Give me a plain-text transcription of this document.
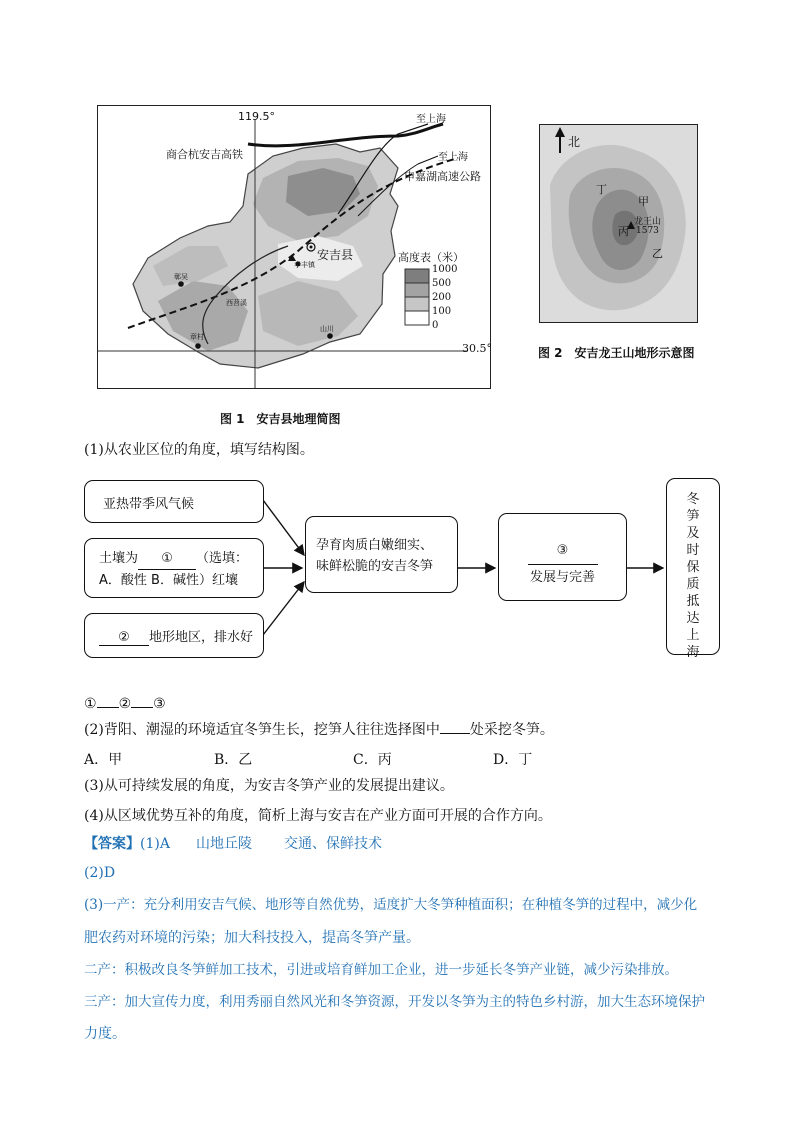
119.5°	至上海
至上海
商合杭安吉高铁
申嘉湖高速公路
安吉县
孝丰镇
鄣吴
章村
山川
西苕溪
高度表（米）
1000
500
200
100
0
30.5°
图 1　安吉县地理简图
北
龙王山
1573
甲
乙
丙
丁
图 2　安吉龙王山地形示意图
(1)从农业区位的角度，填写结构图。
亚热带季风气候
土壤为 ① （选填：
A．酸性 B．碱性）红壤
② 地形地区，排水好
孕育肉质白嫩细实、
味鲜松脆的安吉冬笋
③
发展与完善
冬笋及时保质抵达上海
① ② ③
(2)背阳、潮湿的环境适宜冬笋生长，挖笋人往往选择图中 处采挖冬笋。
A．甲	B．乙	C．丙	D．丁
(3)从可持续发展的角度，为安吉冬笋产业的发展提出建议。
(4)从区域优势互补的角度，简析上海与安吉在产业方面可开展的合作方向。
【答案】(1)A 山地丘陵 交通、保鲜技术
(2)D
(3)一产：充分利用安吉气候、地形等自然优势，适度扩大冬笋种植面积；在种植冬笋的过程中，减少化
肥农药对环境的污染；加大科技投入，提高冬笋产量。
二产：积极改良冬笋鲜加工技术，引进或培育鲜加工企业，进一步延长冬笋产业链，减少污染排放。
三产：加大宣传力度，利用秀丽自然风光和冬笋资源，开发以冬笋为主的特色乡村游，加大生态环境保护
力度。
